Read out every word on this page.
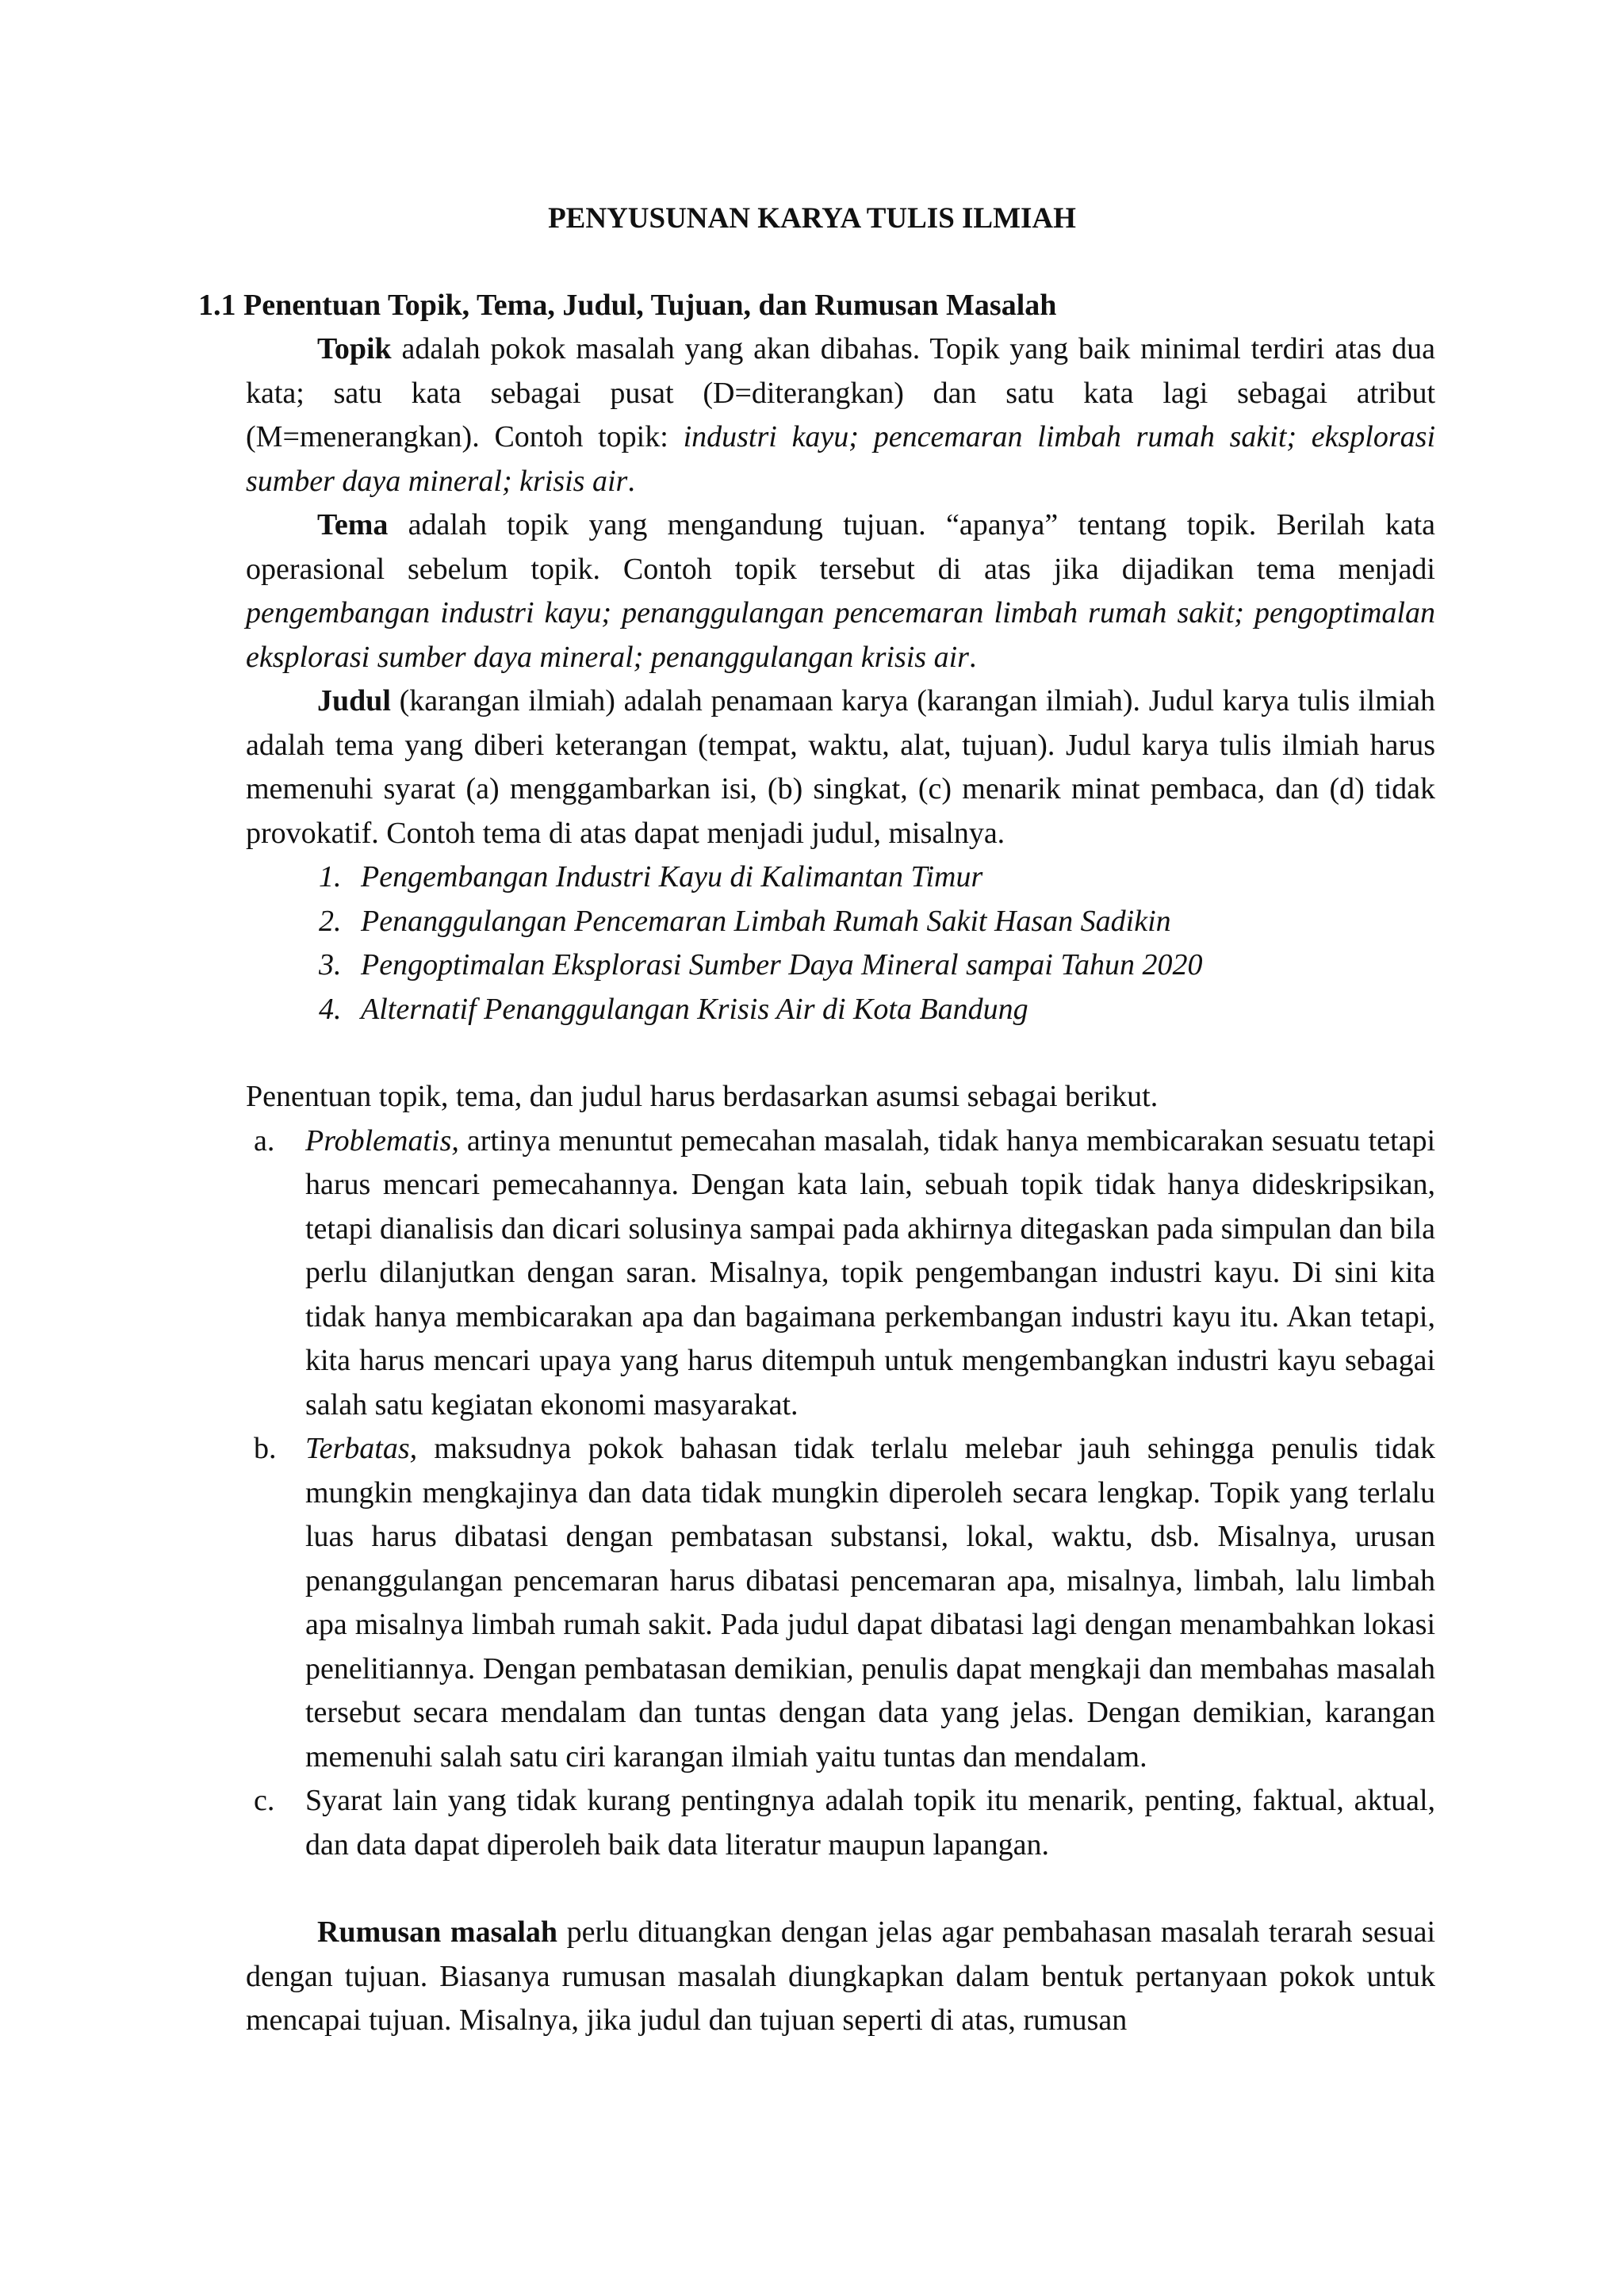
PENYUSUNAN KARYA TULIS ILMIAH
1.1 Penentuan Topik, Tema, Judul, Tujuan, dan Rumusan Masalah

Topik adalah pokok masalah yang akan dibahas. Topik yang baik minimal terdiri atas dua kata; satu kata sebagai pusat (D=diterangkan) dan satu kata lagi sebagai atribut (M=menerangkan). Contoh topik: industri kayu; pencemaran limbah rumah sakit; eksplorasi sumber daya mineral; krisis air.

Tema adalah topik yang mengandung tujuan. “apanya” tentang topik. Berilah kata operasional sebelum topik. Contoh topik tersebut di atas jika dijadikan tema menjadi pengembangan industri kayu; penanggulangan pencemaran limbah rumah sakit; pengoptimalan eksplorasi sumber daya mineral; penanggulangan krisis air.

Judul (karangan ilmiah) adalah penamaan karya (karangan ilmiah). Judul karya tulis ilmiah adalah tema yang diberi keterangan (tempat, waktu, alat, tujuan). Judul karya tulis ilmiah harus memenuhi syarat (a) menggambarkan isi, (b) singkat, (c) menarik minat pembaca, dan (d) tidak provokatif. Contoh tema di atas dapat menjadi judul, misalnya.

1. Pengembangan Industri Kayu di Kalimantan Timur
2. Penanggulangan Pencemaran Limbah Rumah Sakit Hasan Sadikin
3. Pengoptimalan Eksplorasi Sumber Daya Mineral sampai Tahun 2020
4. Alternatif Penanggulangan Krisis Air di Kota Bandung

Penentuan topik, tema, dan judul harus berdasarkan asumsi sebagai berikut.

a. Problematis, artinya menuntut pemecahan masalah, tidak hanya membicarakan sesuatu tetapi harus mencari pemecahannya. Dengan kata lain, sebuah topik tidak hanya dideskripsikan, tetapi dianalisis dan dicari solusinya sampai pada akhirnya ditegaskan pada simpulan dan bila perlu dilanjutkan dengan saran. Misalnya, topik pengembangan industri kayu. Di sini kita tidak hanya membicarakan apa dan bagaimana perkembangan industri kayu itu. Akan tetapi, kita harus mencari upaya yang harus ditempuh untuk mengembangkan industri kayu sebagai salah satu kegiatan ekonomi masyarakat.
b. Terbatas, maksudnya pokok bahasan tidak terlalu melebar jauh sehingga penulis tidak mungkin mengkajinya dan data tidak mungkin diperoleh secara lengkap. Topik yang terlalu luas harus dibatasi dengan pembatasan substansi, lokal, waktu, dsb. Misalnya, urusan penanggulangan pencemaran harus dibatasi pencemaran apa, misalnya, limbah, lalu limbah apa misalnya limbah rumah sakit. Pada judul dapat dibatasi lagi dengan menambahkan lokasi penelitiannya. Dengan pembatasan demikian, penulis dapat mengkaji dan membahas masalah tersebut secara mendalam dan tuntas dengan data yang jelas. Dengan demikian, karangan memenuhi salah satu ciri karangan ilmiah yaitu tuntas dan mendalam.
c. Syarat lain yang tidak kurang pentingnya adalah topik itu menarik, penting, faktual, aktual, dan data dapat diperoleh baik data literatur maupun lapangan.

Rumusan masalah perlu dituangkan dengan jelas agar pembahasan masalah terarah sesuai dengan tujuan. Biasanya rumusan masalah diungkapkan dalam bentuk pertanyaan pokok untuk mencapai tujuan. Misalnya, jika judul dan tujuan seperti di atas, rumusan
